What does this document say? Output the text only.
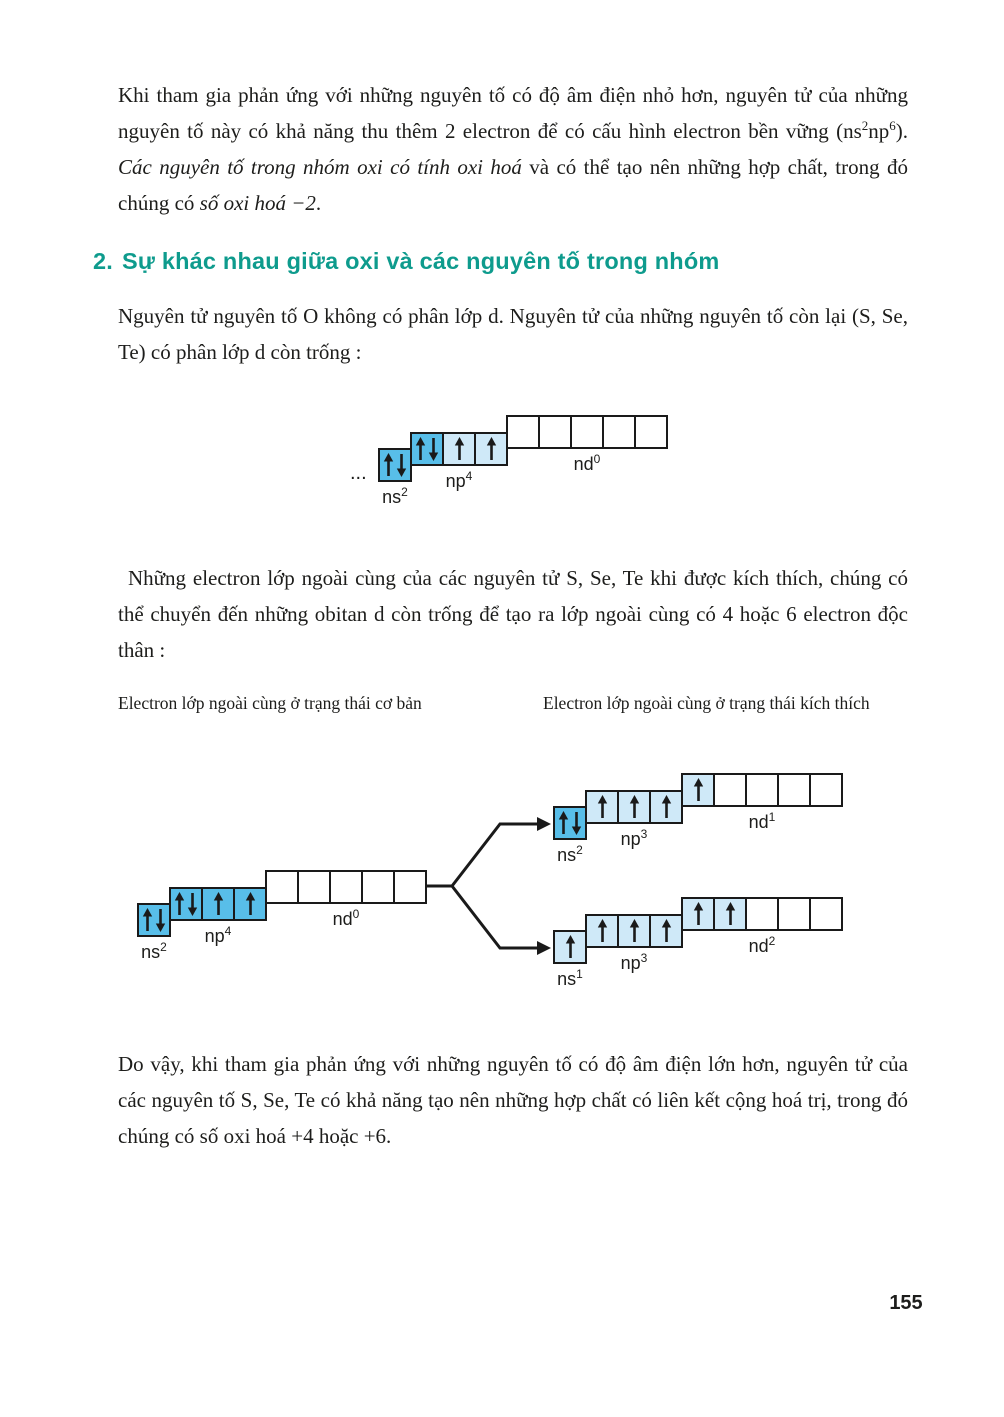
Khi tham gia phản ứng với những nguyên tố có độ âm điện nhỏ hơn, nguyên tử của những nguyên tố này có khả năng thu thêm 2 electron để có cấu hình electron bền vững $(ns^2np^6)$. Các nguyên tố trong nhóm oxi có tính oxi hoá và có thể tạo nên những hợp chất, trong đó chúng có số oxi hoá −2.
2. Sự khác nhau giữa oxi và các nguyên tố trong nhóm
Nguyên tử nguyên tố O không có phân lớp d. Nguyên tử của những nguyên tố còn lại (S, Se, Te) có phân lớp d còn trống :
...
$ns^2$
$np^4$
$nd^0$
Những electron lớp ngoài cùng của các nguyên tử S, Se, Te khi được kích thích, chúng có thể chuyển đến những obitan d còn trống để tạo ra lớp ngoài cùng có 4 hoặc 6 electron độc thân :
Electron lớp ngoài cùng ở trạng thái cơ bản	Electron lớp ngoài cùng ở trạng thái kích thích
$ns^2$
$np^4$
$nd^0$
$ns^2$
$np^3$
$nd^1$
$ns^1$
$np^3$
$nd^2$
Do vậy, khi tham gia phản ứng với những nguyên tố có độ âm điện lớn hơn, nguyên tử của các nguyên tố S, Se, Te có khả năng tạo nên những hợp chất có liên kết cộng hoá trị, trong đó chúng có số oxi hoá +4 hoặc +6.
155
